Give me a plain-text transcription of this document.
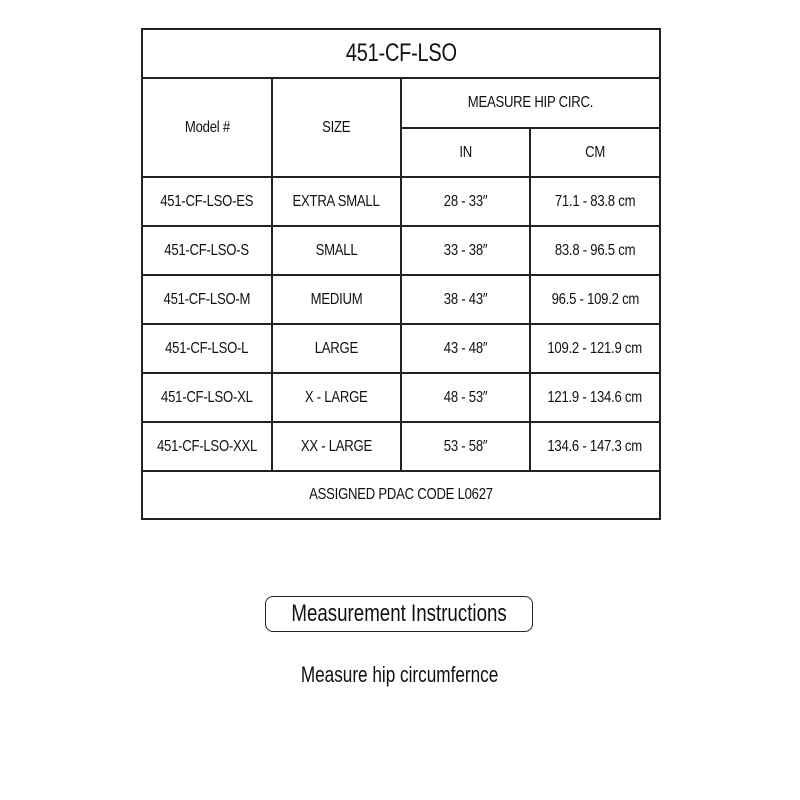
451-CF-LSO			
Model #	SIZE	MEASURE HIP CIRC.	
		IN	CM
451-CF-LSO-ES	EXTRA SMALL	28 - 33″	71.1 - 83.8 cm
451-CF-LSO-S	SMALL	33 - 38″	83.8 - 96.5 cm
451-CF-LSO-M	MEDIUM	38 - 43″	96.5 - 109.2 cm
451-CF-LSO-L	LARGE	43 - 48″	109.2 - 121.9 cm
451-CF-LSO-XL	X - LARGE	48 - 53″	121.9 - 134.6 cm
451-CF-LSO-XXL	XX - LARGE	53 - 58″	134.6 - 147.3 cm
ASSIGNED PDAC CODE L0627			
Measurement Instructions
Measure hip circumfernce
